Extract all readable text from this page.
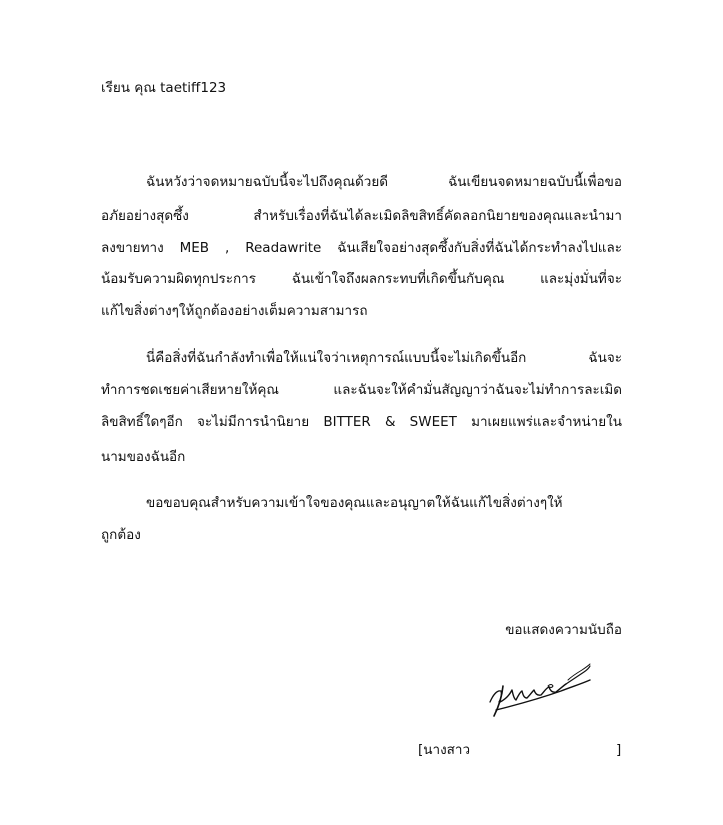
เรียน คุณ taetiff123
ฉันหวังว่าจดหมายฉบับนี้จะไปถึงคุณด้วยดี ฉันเขียนจดหมายฉบับนี้เพื่อขอ
อภัยอย่างสุดซึ้ง สำหรับเรื่องที่ฉันได้ละเมิดลิขสิทธิ์คัดลอกนิยายของคุณและนำมา
ลงขายทาง MEB , Readawrite ฉันเสียใจอย่างสุดซึ้งกับสิ่งที่ฉันได้กระทำลงไปและ
น้อมรับความผิดทุกประการ ฉันเข้าใจถึงผลกระทบที่เกิดขึ้นกับคุณ และมุ่งมั่นที่จะ
แก้ไขสิ่งต่างๆให้ถูกต้องอย่างเต็มความสามารถ
นี่คือสิ่งที่ฉันกำลังทำเพื่อให้แน่ใจว่าเหตุการณ์แบบนี้จะไม่เกิดขึ้นอีก ฉันจะ
ทำการชดเชยค่าเสียหายให้คุณ และฉันจะให้คำมั่นสัญญาว่าฉันจะไม่ทำการละเมิด
ลิขสิทธิ์ใดๆอีก จะไม่มีการนำนิยาย BITTER & SWEET มาเผยแพร่และจำหน่ายใน
นามของฉันอีก
ขอขอบคุณสำหรับความเข้าใจของคุณและอนุญาตให้ฉันแก้ไขสิ่งต่างๆให้
ถูกต้อง
ขอแสดงความนับถือ
[นางสาว	]
